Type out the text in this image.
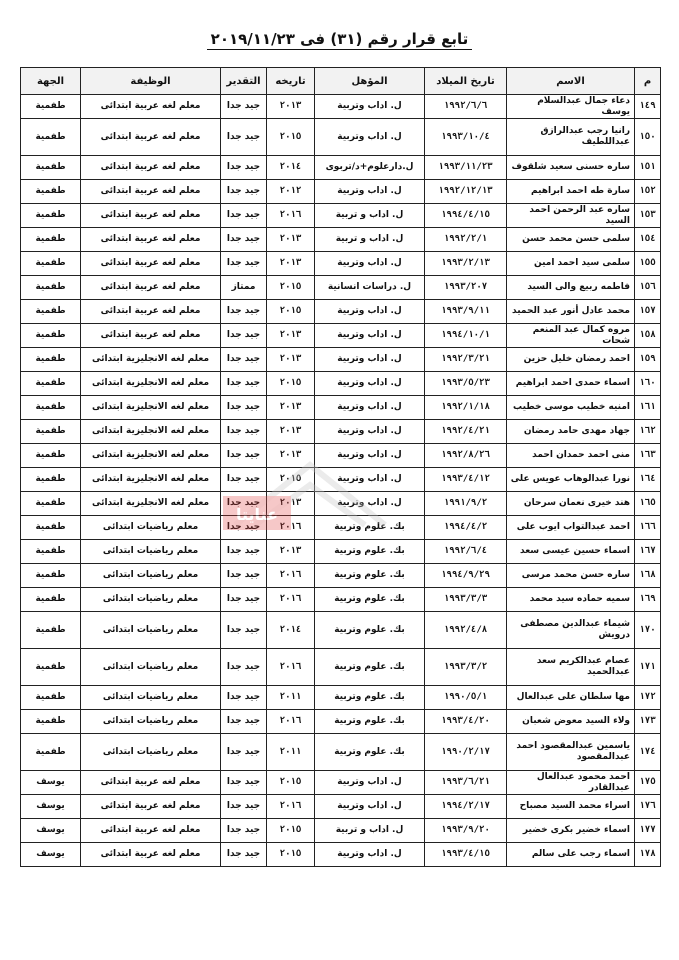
تابع قرار رقم (٣١) فى ٢٠١٩/١١/٢٣
م	الاسم	تاريخ الميلاد	المؤهل	تاريخه	التقدير	الوظيفة	الجهة
١٤٩	دعاء جمال عبدالسلام يوسف	١٩٩٢/٦/٦	ل. اداب وتربية	٢٠١٣	جيد جدا	معلم لغه عربية ابتدائى	طفمية
١٥٠	رانيا رجب عبدالرازق عبداللطيف	١٩٩٣/١٠/٤	ل. اداب وتربية	٢٠١٥	جيد جدا	معلم لغه عربية ابتدائى	طفمية
١٥١	ساره حسنى سعيد شلقوف	١٩٩٣/١١/٢٣	ل.دارعلوم+د/تربوى	٢٠١٤	جيد جدا	معلم لغه عربية ابتدائى	طفمية
١٥٢	سارة طه احمد ابراهيم	١٩٩٢/١٢/١٣	ل. اداب وتربية	٢٠١٢	جيد جدا	معلم لغه عربية ابتدائى	طفمية
١٥٣	ساره عبد الرحمن احمد السيد	١٩٩٤/٤/١٥	ل. اداب و تربية	٢٠١٦	جيد جدا	معلم لغه عربية ابتدائى	طفمية
١٥٤	سلمى حسن محمد حسن	١٩٩٢/٢/١	ل. اداب و تربية	٢٠١٣	جيد جدا	معلم لغه عربية ابتدائى	طفمية
١٥٥	سلمى سيد احمد امين	١٩٩٣/٢/١٣	ل. اداب وتربية	٢٠١٣	جيد جدا	معلم لغه عربية ابتدائى	طفمية
١٥٦	فاطمه ربيع والى السيد	١٩٩٣/٢٠٧	ل. دراسات انسانية	٢٠١٥	ممتاز	معلم لغه عربية ابتدائى	طفمية
١٥٧	محمد عادل أنور عبد الحميد	١٩٩٣/٩/١١	ل. اداب وتربية	٢٠١٥	جيد جدا	معلم لغه عربية ابتدائى	طفمية
١٥٨	مروه كمال عبد المنعم شحات	١٩٩٤/١٠/١	ل. اداب وتربية	٢٠١٣	جيد جدا	معلم لغه عربية ابتدائى	طفمية
١٥٩	احمد رمضان خليل حزين	١٩٩٢/٣/٢١	ل. اداب وتربية	٢٠١٣	جيد جدا	معلم لغه الانجليزية ابتدائى	طفمية
١٦٠	اسماء حمدى احمد ابراهيم	١٩٩٣/٥/٢٣	ل. اداب وتربية	٢٠١٥	جيد جدا	معلم لغه الانجليزية ابتدائى	طفمية
١٦١	امنيه خطيب موسى خطيب	١٩٩٢/١/١٨	ل. اداب وتربية	٢٠١٣	جيد جدا	معلم لغه الانجليزية ابتدائى	طفمية
١٦٢	جهاد مهدى حامد رمضان	١٩٩٢/٤/٢١	ل. اداب وتربية	٢٠١٣	جيد جدا	معلم لغه الانجليزية ابتدائى	طفمية
١٦٣	منى احمد حمدان احمد	١٩٩٢/٨/٢٦	ل. اداب وتربية	٢٠١٣	جيد جدا	معلم لغه الانجليزية ابتدائى	طفمية
١٦٤	نورا عبدالوهاب عويس على	١٩٩٣/٤/١٢	ل. اداب وتربية	٢٠١٥	جيد جدا	معلم لغه الانجليزية ابتدائى	طفمية
١٦٥	هند خيرى نعمان سرحان	١٩٩١/٩/٢	ل. اداب وتربية	٢٠١٣	جيد جدا	معلم لغه الانجليزية ابتدائى	طفمية
١٦٦	احمد عبدالتواب ايوب على	١٩٩٤/٤/٢	بك. علوم وتربية	٢٠١٦	جيد جدا	معلم رياضيات ابتدائى	طفمية
١٦٧	اسماء حسين عيسى سعد	١٩٩٢/٦/٤	بك. علوم وتربية	٢٠١٣	جيد جدا	معلم رياضيات ابتدائى	طفمية
١٦٨	ساره حسن محمد مرسى	١٩٩٤/٩/٢٩	بك. علوم وتربية	٢٠١٦	جيد جدا	معلم رياضيات ابتدائى	طفمية
١٦٩	سميه حماده سيد محمد	١٩٩٣/٣/٣	بك. علوم وتربية	٢٠١٦	جيد جدا	معلم رياضيات ابتدائى	طفمية
١٧٠	شيماء عبدالدين مصطفى درويش	١٩٩٢/٤/٨	بك. علوم وتربية	٢٠١٤	جيد جدا	معلم رياضيات ابتدائى	طفمية
١٧١	عصام عبدالكريم سعد عبدالحميد	١٩٩٣/٣/٢	بك. علوم وتربية	٢٠١٦	جيد جدا	معلم رياضيات ابتدائى	طفمية
١٧٢	مها سلطان على عبدالعال	١٩٩٠/٥/١	بك. علوم وتربية	٢٠١١	جيد جدا	معلم رياضيات ابتدائى	طفمية
١٧٣	ولاء السيد معوض شعبان	١٩٩٣/٤/٢٠	بك. علوم وتربية	٢٠١٦	جيد جدا	معلم رياضيات ابتدائى	طفمية
١٧٤	ياسمين عبدالمقصود احمد عبدالمقصود	١٩٩٠/٢/١٧	بك. علوم وتربية	٢٠١١	جيد جدا	معلم رياضيات ابتدائى	طفمية
١٧٥	احمد محمود عبدالعال عبدالقادر	١٩٩٣/٦/٢١	ل. اداب وتربية	٢٠١٥	جيد جدا	معلم لغه عربية ابتدائى	يوسف
١٧٦	اسراء محمد السيد مصباح	١٩٩٤/٢/١٧	ل. اداب وتربية	٢٠١٦	جيد جدا	معلم لغه عربية ابتدائى	يوسف
١٧٧	اسماء خضير بكرى خضير	١٩٩٣/٩/٢٠	ل. اداب و تربية	٢٠١٥	جيد جدا	معلم لغه عربية ابتدائى	يوسف
١٧٨	اسماء رجب على سالم	١٩٩٣/٤/١٥	ل. اداب وتربية	٢٠١٥	جيد جدا	معلم لغه عربية ابتدائى	يوسف
عنايتا
